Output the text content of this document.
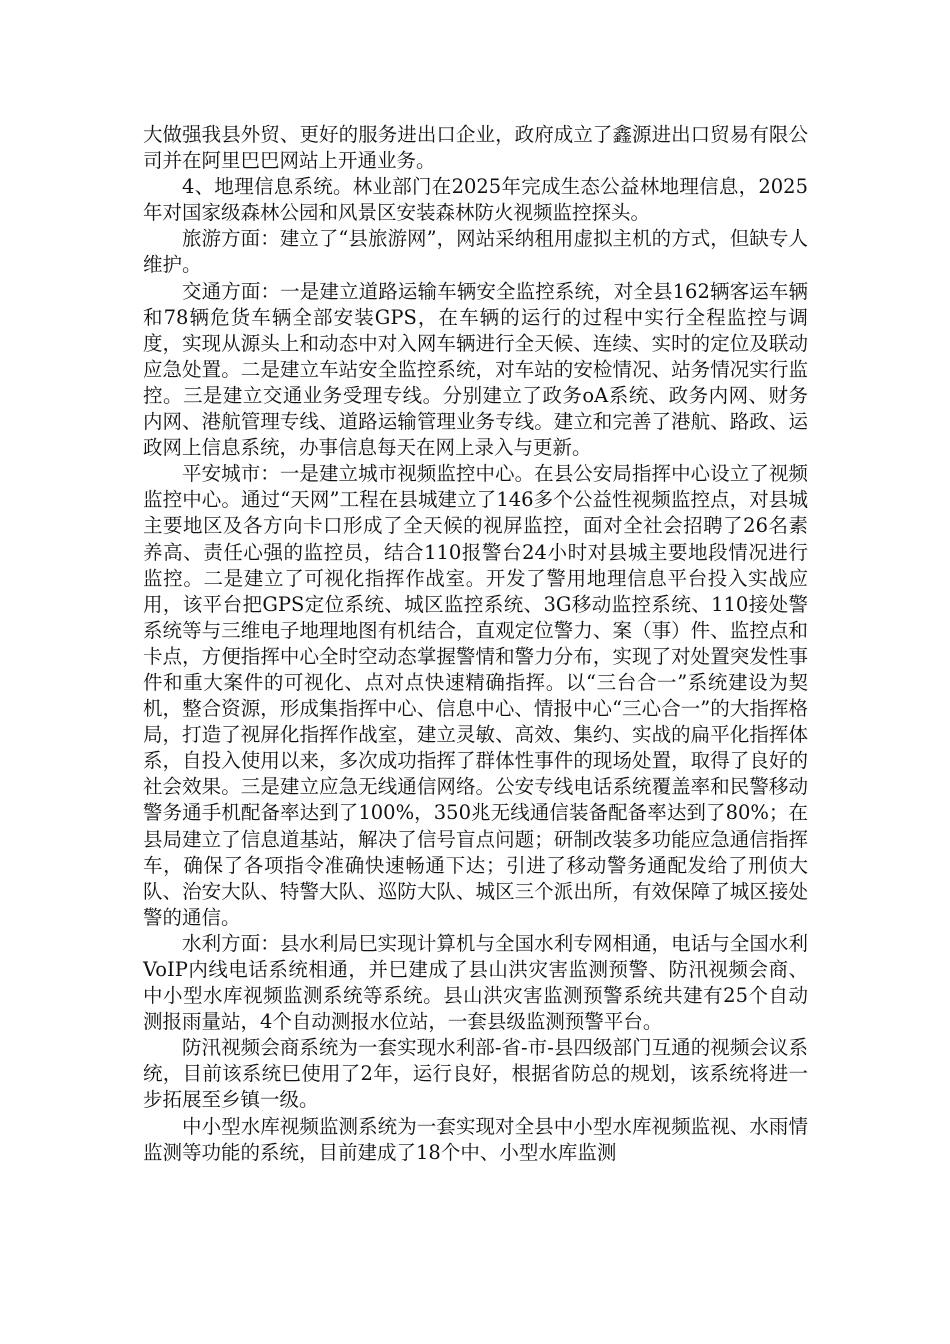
大做强我县外贸、更好的服务进出口企业，政府成立了鑫源进出口贸易有限公司并在阿里巴巴网站上开通业务。

4、地理信息系统。林业部门在2025年完成生态公益林地理信息，2025年对国家级森林公园和风景区安装森林防火视频监控探头。

旅游方面：建立了“县旅游网”，网站采纳租用虚拟主机的方式，但缺专人维护。

交通方面：一是建立道路运输车辆安全监控系统，对全县162辆客运车辆和78辆危货车辆全部安装GPS，在车辆的运行的过程中实行全程监控与调度，实现从源头上和动态中对入网车辆进行全天候、连续、实时的定位及联动应急处置。二是建立车站安全监控系统，对车站的安检情况、站务情况实行监控。三是建立交通业务受理专线。分别建立了政务oA系统、政务内网、财务内网、港航管理专线、道路运输管理业务专线。建立和完善了港航、路政、运政网上信息系统，办事信息每天在网上录入与更新。

平安城市：一是建立城市视频监控中心。在县公安局指挥中心设立了视频监控中心。通过“天网”工程在县城建立了146多个公益性视频监控点，对县城主要地区及各方向卡口形成了全天候的视屏监控，面对全社会招聘了26名素养高、责任心强的监控员，结合110报警台24小时对县城主要地段情况进行监控。二是建立了可视化指挥作战室。开发了警用地理信息平台投入实战应用，该平台把GPS定位系统、城区监控系统、3G移动监控系统、110接处警系统等与三维电子地理地图有机结合，直观定位警力、案（事）件、监控点和卡点，方便指挥中心全时空动态掌握警情和警力分布，实现了对处置突发性事件和重大案件的可视化、点对点快速精确指挥。以“三台合一”系统建设为契机，整合资源，形成集指挥中心、信息中心、情报中心“三心合一”的大指挥格局，打造了视屏化指挥作战室，建立灵敏、高效、集约、实战的扁平化指挥体系，自投入使用以来，多次成功指挥了群体性事件的现场处置，取得了良好的社会效果。三是建立应急无线通信网络。公安专线电话系统覆盖率和民警移动警务通手机配备率达到了100%，350兆无线通信装备配备率达到了80%；在县局建立了信息道基站，解决了信号盲点问题；研制改装多功能应急通信指挥车，确保了各项指令准确快速畅通下达；引进了移动警务通配发给了刑侦大队、治安大队、特警大队、巡防大队、城区三个派出所，有效保障了城区接处警的通信。

水利方面：县水利局巳实现计算机与全国水利专网相通，电话与全国水利VoIP内线电话系统相通，并巳建成了县山洪灾害监测预警、防汛视频会商、中小型水库视频监测系统等系统。县山洪灾害监测预警系统共建有25个自动测报雨量站，4个自动测报水位站，一套县级监测预警平台。

防汛视频会商系统为一套实现水利部-省-市-县四级部门互通的视频会议系统，目前该系统巳使用了2年，运行良好，根据省防总的规划，该系统将进一步拓展至乡镇一级。

中小型水库视频监测系统为一套实现对全县中小型水库视频监视、水雨情监测等功能的系统，目前建成了18个中、小型水库监测
